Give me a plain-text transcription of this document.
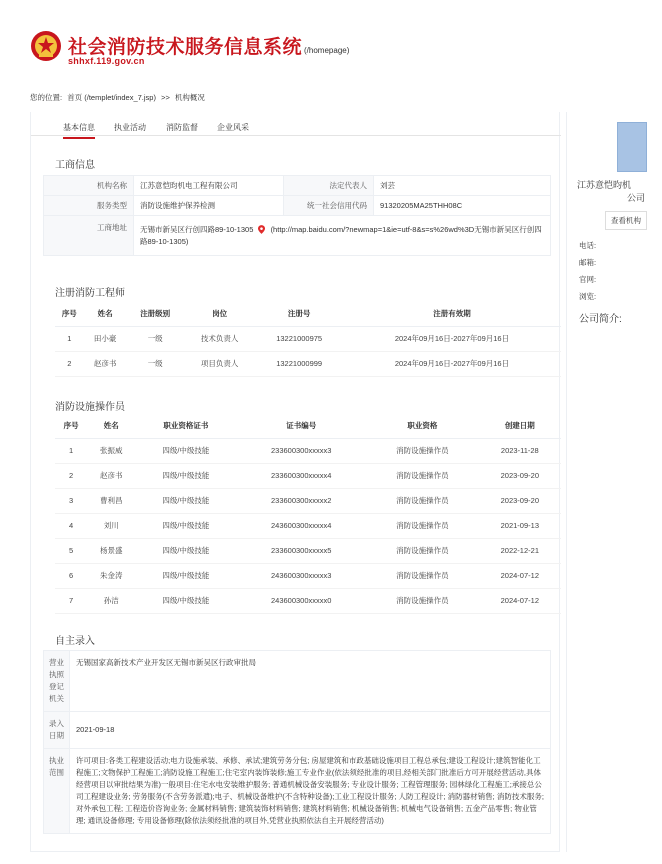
社会消防技术服务信息系统 (/homepage)
shhxf.119.gov.cn
您的位置: 首页 (/templet/index_7.jsp) >> 机构概况
基本信息 执业活动	消防监督 企业风采
工商信息
机构名称	江苏意恺昀机电工程有限公司	法定代表人	刘芸
服务类型	消防设施维护保养检测	统一社会信用代码	91320205MA25THH08C
工商地址	无锡市新吴区行创四路89-10-1305 (http://map.baidu.com/?newmap=1&ie=utf-8&s=s%26wd%3D无锡市新吴区行创四路89-10-1305)		
注册消防工程师
序号	姓名	注册级别	岗位	注册号	注册有效期
1	田小豪	一级	技术负责人	13221000975	2024年09月16日-2027年09月16日
2	赵彦书	一级	项目负责人	13221000999	2024年09月16日-2027年09月16日
消防设施操作员
序号	姓名	职业资格证书	证书编号	职业资格	创建日期
1	张振威	四级/中级技能	233600300xxxxx3	消防设施操作员	2023-11-28
2	赵彦书	四级/中级技能	233600300xxxxx4	消防设施操作员	2023-09-20
3	曹利昌	四级/中级技能	233600300xxxxx2	消防设施操作员	2023-09-20
4	刘川	四级/中级技能	243600300xxxxx4	消防设施操作员	2021-09-13
5	杨景盛	四级/中级技能	233600300xxxxx5	消防设施操作员	2022-12-21
6	朱金涛	四级/中级技能	243600300xxxxx3	消防设施操作员	2024-07-12
7	孙洁	四级/中级技能	243600300xxxxx0	消防设施操作员	2024-07-12
自主录入
营业执照登记机关	无锡国家高新技术产业开发区无锡市新吴区行政审批局
录入日期	2021-09-18
执业范围	许可项目:各类工程建设活动;电力设施承装、承修、承试;建筑劳务分包; 房屋建筑和市政基础设施项目工程总承包;建设工程设计;建筑智能化工程施工;文物保护工程施工;消防设施工程施工;住宅室内装饰装修;施工专业作业(依法须经批准的项目,经相关部门批准后方可开展经营活动,具体经营项目以审批结果为准)一般项目:住宅水电安装维护服务; 普通机械设备安装服务; 专业设计服务; 工程管理服务; 园林绿化工程施工;承接总公司工程建设业务; 劳务服务(不含劳务派遣);电子、机械设备维护(不含特种设备);工业工程设计服务; 人防工程设计; 消防器材销售; 消防技术服务; 对外承包工程; 工程造价咨询业务; 金属材料销售; 建筑装饰材料销售; 建筑材料销售; 机械设备销售; 机械电气设备销售; 五金产品零售; 物业管理; 通讯设备修理; 专用设备修理(除依法须经批准的项目外,凭营业执照依法自主开展经营活动)
江苏意恺昀机
公司
查看机构
电话:
邮箱:
官网:
浏览:
公司简介:
